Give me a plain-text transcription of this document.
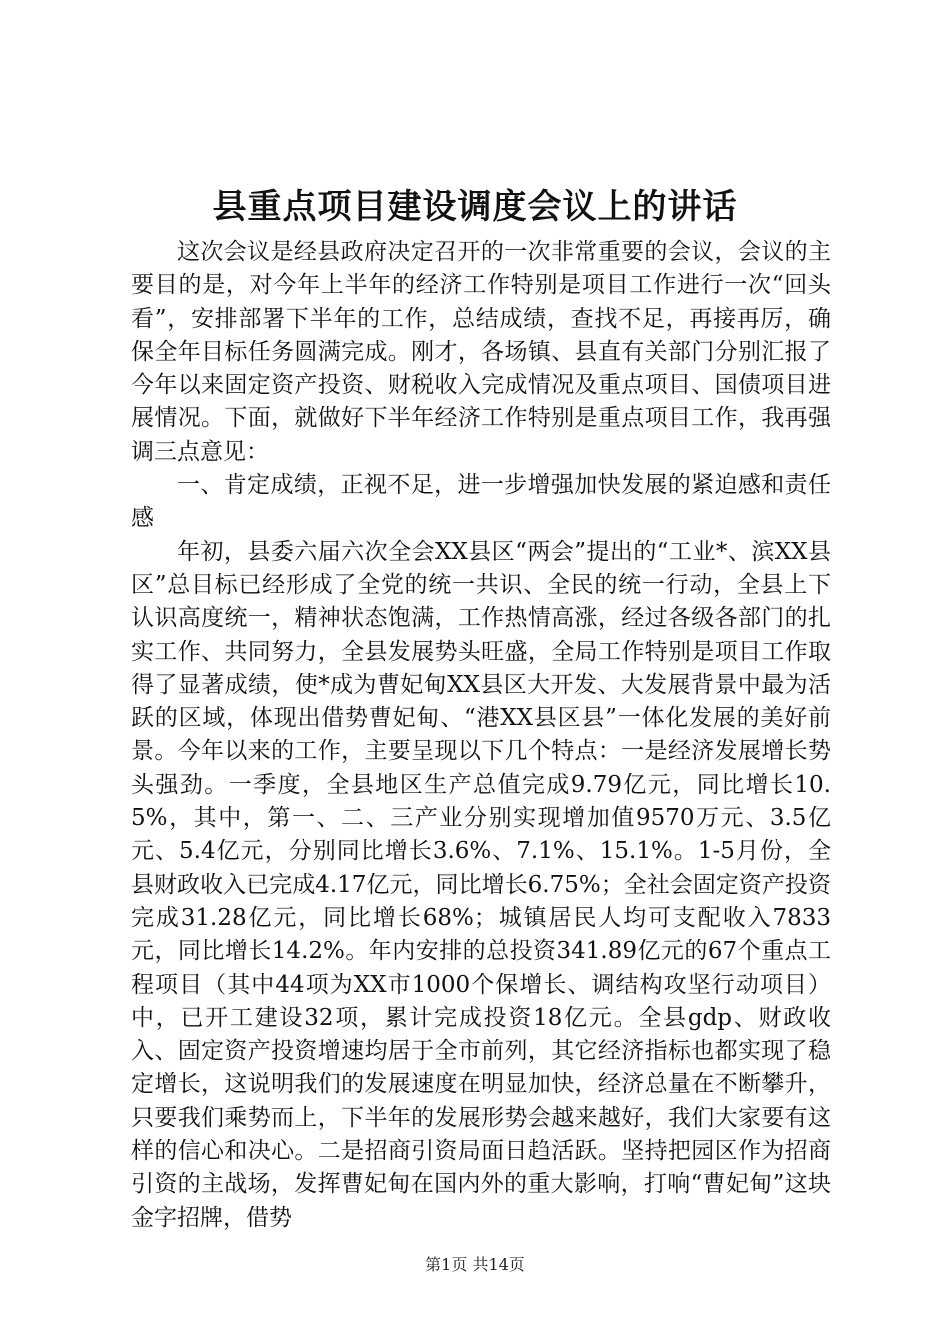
县重点项目建设调度会议上的讲话

这次会议是经县政府决定召开的一次非常重要的会议，会议的主要目的是，对今年上半年的经济工作特别是项目工作进行一次“回头看”，安排部署下半年的工作，总结成绩，查找不足，再接再厉，确保全年目标任务圆满完成。刚才，各场镇、县直有关部门分别汇报了今年以来固定资产投资、财税收入完成情况及重点项目、国债项目进展情况。下面，就做好下半年经济工作特别是重点项目工作，我再强调三点意见：

一、肯定成绩，正视不足，进一步增强加快发展的紧迫感和责任感

年初，县委六届六次全会XX县区“两会”提出的“工业*、滨XX县区”总目标已经形成了全党的统一共识、全民的统一行动，全县上下认识高度统一，精神状态饱满，工作热情高涨，经过各级各部门的扎实工作、共同努力，全县发展势头旺盛，全局工作特别是项目工作取得了显著成绩，使*成为曹妃甸XX县区大开发、大发展背景中最为活跃的区域，体现出借势曹妃甸、“港XX县区县”一体化发展的美好前景。今年以来的工作，主要呈现以下几个特点：一是经济发展增长势头强劲。一季度，全县地区生产总值完成9.79亿元，同比增长10.5%，其中，第一、二、三产业分别实现增加值9570万元、3.5亿元、5.4亿元，分别同比增长3.6%、7.1%、15.1%。1-5月份，全县财政收入已完成4.17亿元，同比增长6.75%；全社会固定资产投资完成31.28亿元，同比增长68%；城镇居民人均可支配收入7833元，同比增长14.2%。年内安排的总投资341.89亿元的67个重点工程项目（其中44项为XX市1000个保增长、调结构攻坚行动项目）中，已开工建设32项，累计完成投资18亿元。全县gdp、财政收入、固定资产投资增速均居于全市前列，其它经济指标也都实现了稳定增长，这说明我们的发展速度在明显加快，经济总量在不断攀升，只要我们乘势而上，下半年的发展形势会越来越好，我们大家要有这样的信心和决心。二是招商引资局面日趋活跃。坚持把园区作为招商引资的主战场，发挥曹妃甸在国内外的重大影响，打响“曹妃甸”这块金字招牌，借势

第1页 共14页
